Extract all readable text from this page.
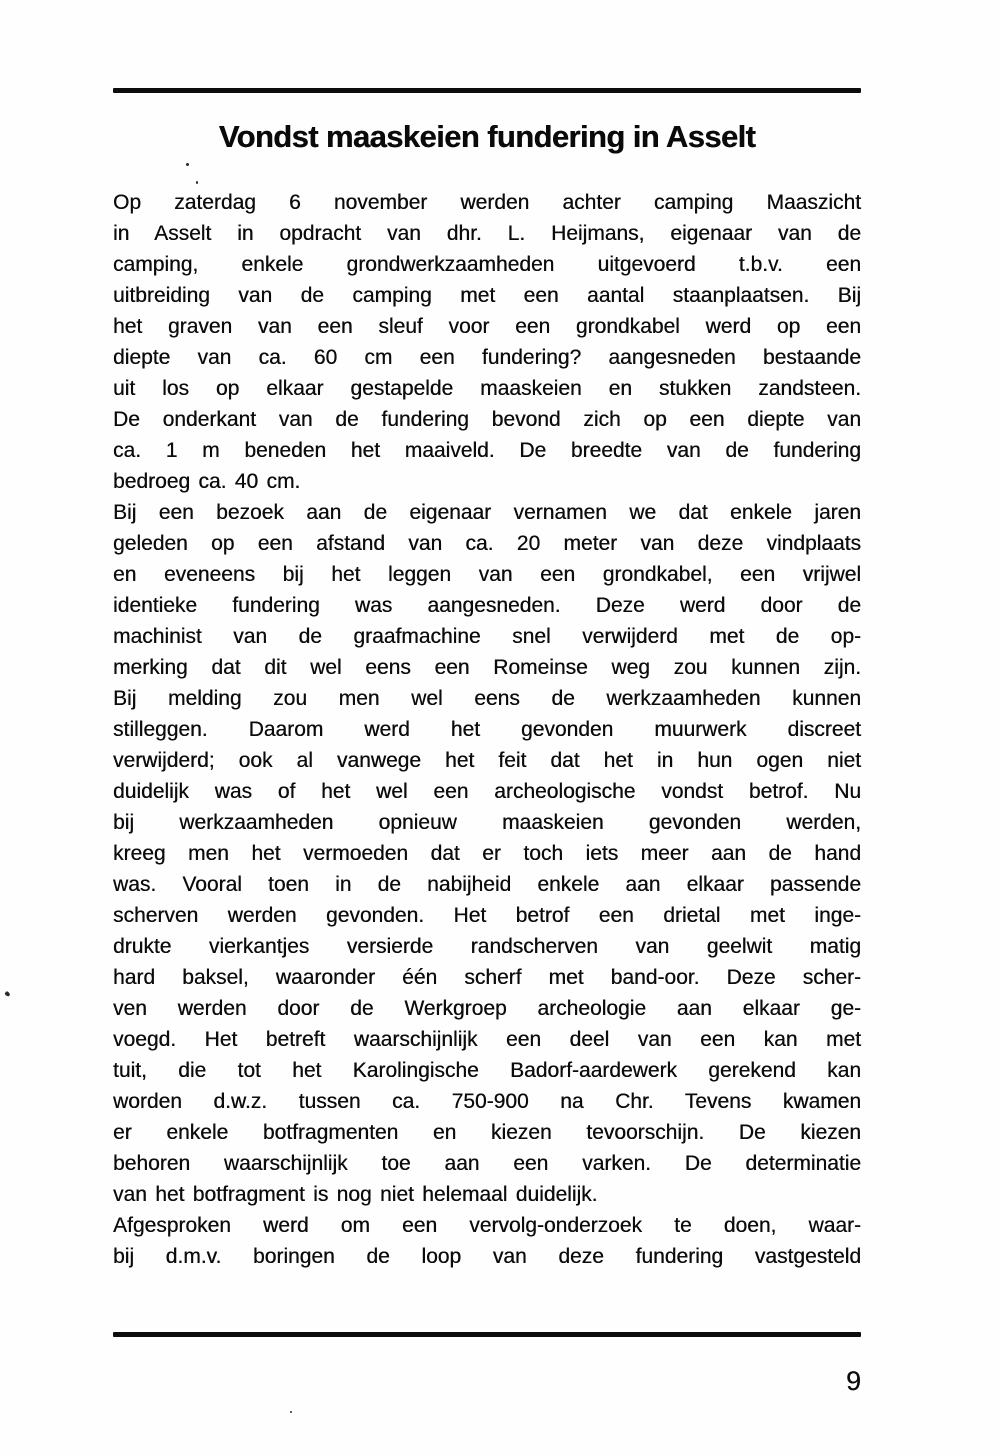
Vondst maaskeien fundering in Asselt
Op zaterdag 6 november werden achter camping Maaszicht
in Asselt in opdracht van dhr. L. Heijmans, eigenaar van de
camping, enkele grondwerkzaamheden uitgevoerd t.b.v. een
uitbreiding van de camping met een aantal staanplaatsen. Bij
het graven van een sleuf voor een grondkabel werd op een
diepte van ca. 60 cm een fundering? aangesneden bestaande
uit los op elkaar gestapelde maaskeien en stukken zandsteen.
De onderkant van de fundering bevond zich op een diepte van
ca. 1 m beneden het maaiveld. De breedte van de fundering
bedroeg ca. 40 cm.
Bij een bezoek aan de eigenaar vernamen we dat enkele jaren
geleden op een afstand van ca. 20 meter van deze vindplaats
en eveneens bij het leggen van een grondkabel, een vrijwel
identieke fundering was aangesneden. Deze werd door de
machinist van de graafmachine snel verwijderd met de op-
merking dat dit wel eens een Romeinse weg zou kunnen zijn.
Bij melding zou men wel eens de werkzaamheden kunnen
stilleggen. Daarom werd het gevonden muurwerk discreet
verwijderd; ook al vanwege het feit dat het in hun ogen niet
duidelijk was of het wel een archeologische vondst betrof. Nu
bij werkzaamheden opnieuw maaskeien gevonden werden,
kreeg men het vermoeden dat er toch iets meer aan de hand
was. Vooral toen in de nabijheid enkele aan elkaar passende
scherven werden gevonden. Het betrof een drietal met inge-
drukte vierkantjes versierde randscherven van geelwit matig
hard baksel, waaronder één scherf met band-oor. Deze scher-
ven werden door de Werkgroep archeologie aan elkaar ge-
voegd. Het betreft waarschijnlijk een deel van een kan met
tuit, die tot het Karolingische Badorf-aardewerk gerekend kan
worden d.w.z. tussen ca. 750-900 na Chr. Tevens kwamen
er enkele botfragmenten en kiezen tevoorschijn. De kiezen
behoren waarschijnlijk toe aan een varken. De determinatie
van het botfragment is nog niet helemaal duidelijk.
Afgesproken werd om een vervolg-onderzoek te doen, waar-
bij d.m.v. boringen de loop van deze fundering vastgesteld
9
